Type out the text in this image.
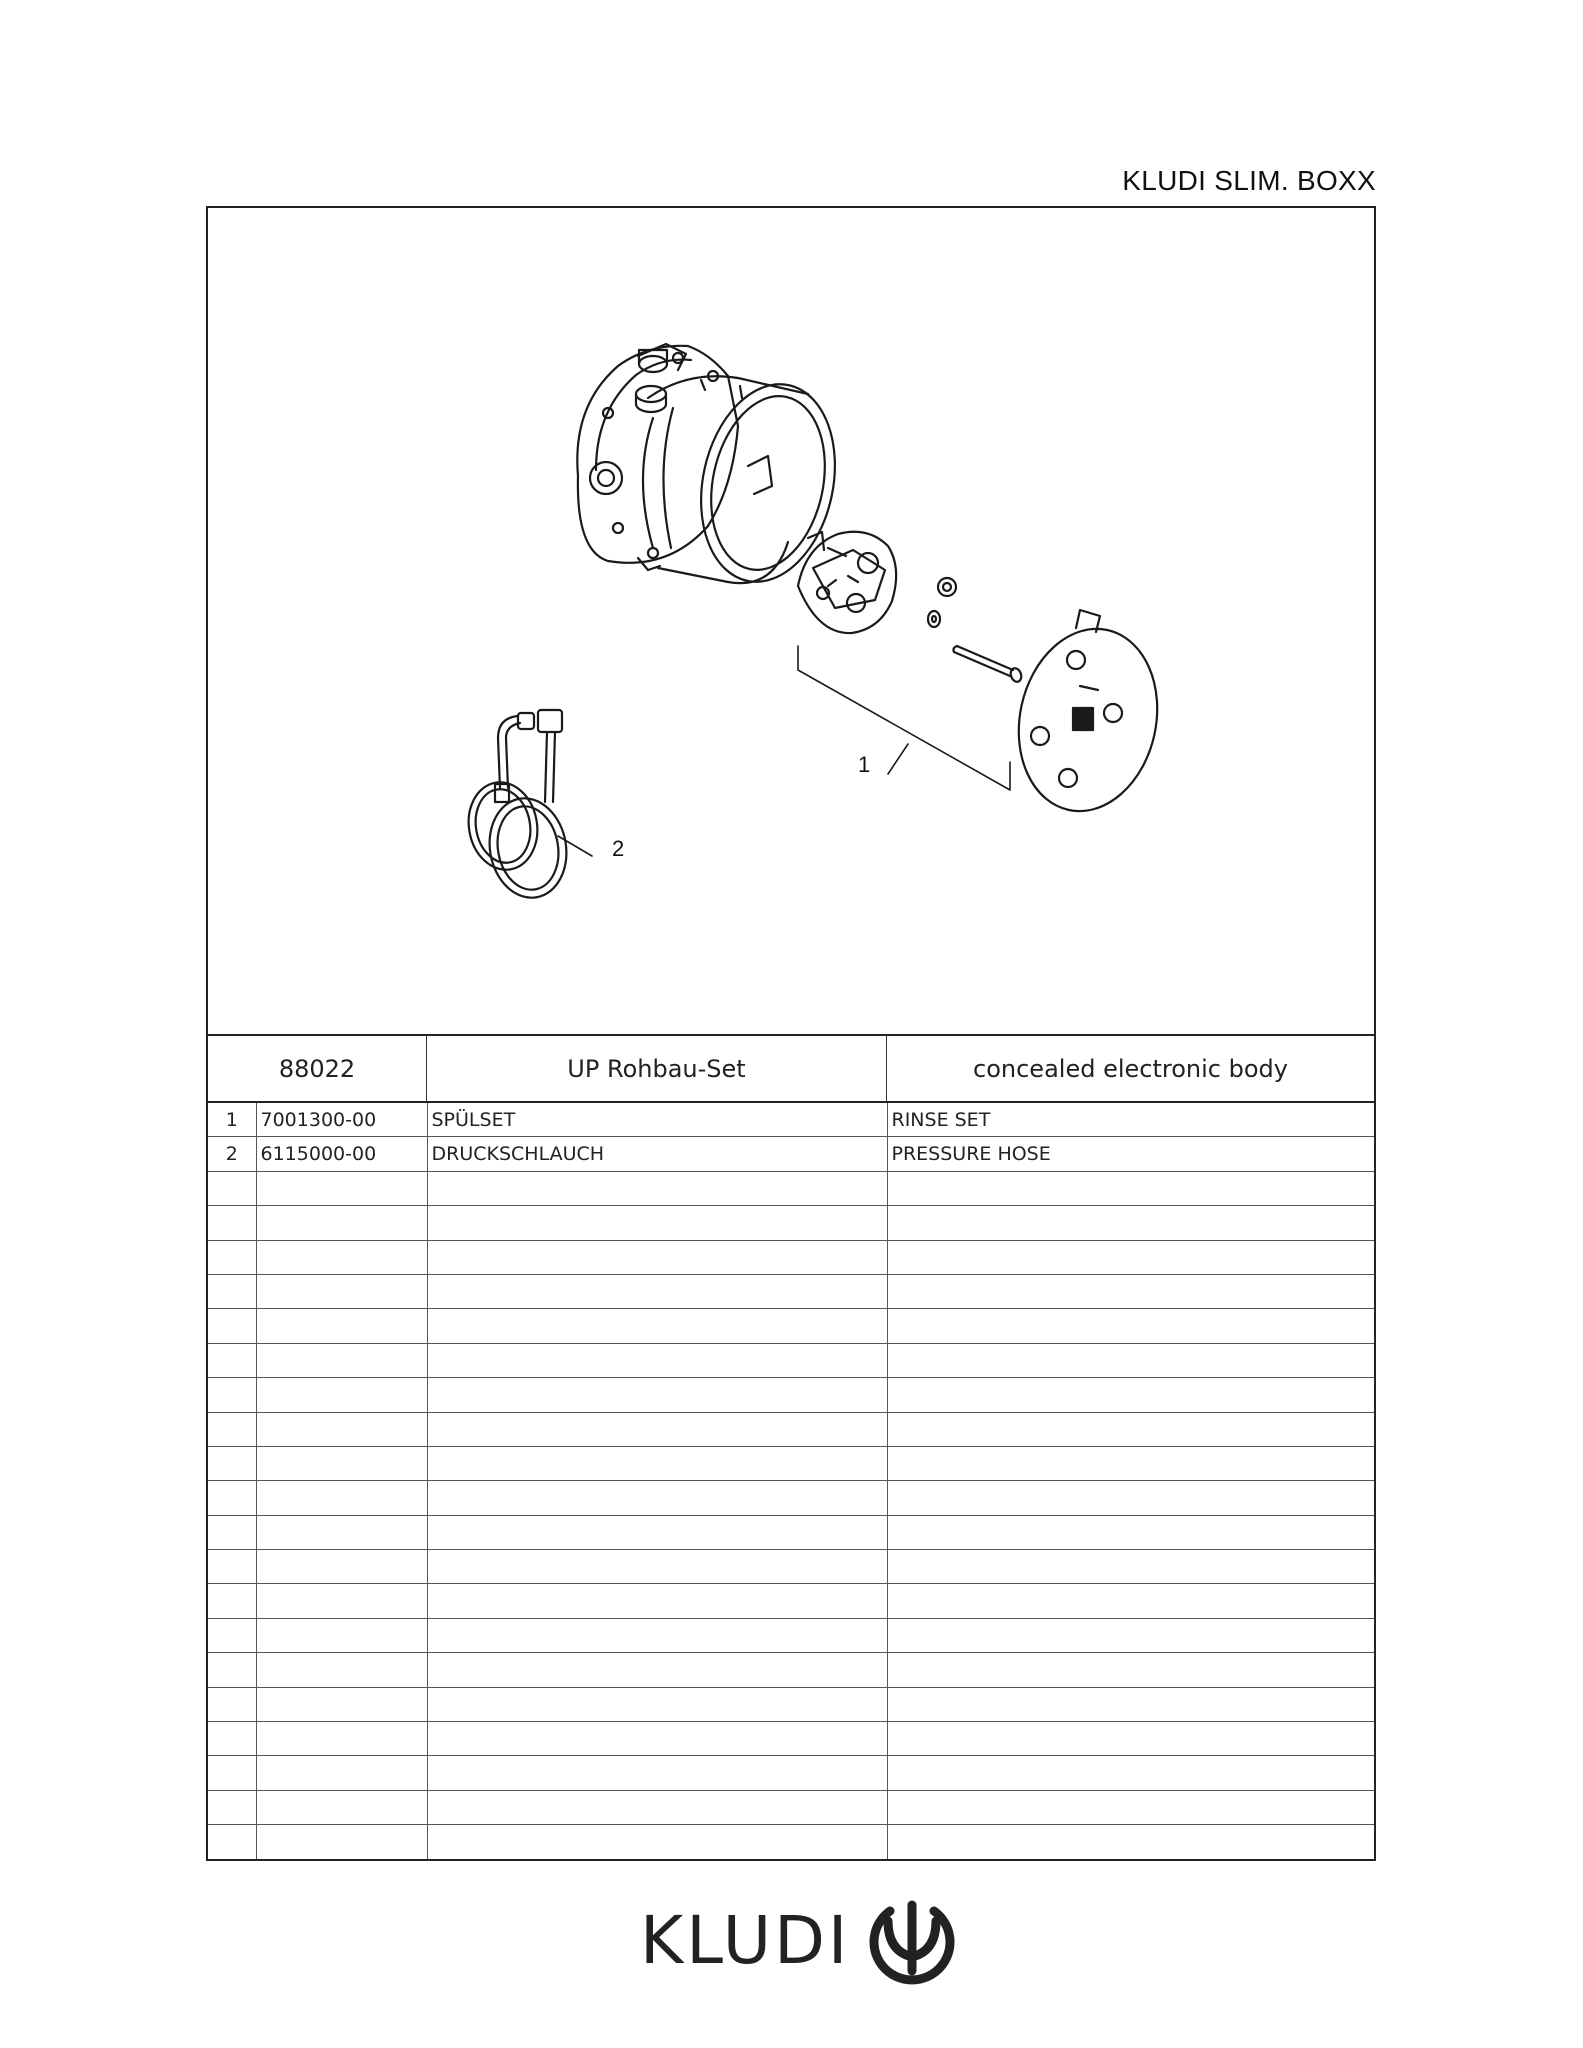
KLUDI SLIM. BOXX
1
2
88022	UP Rohbau-Set	concealed electronic body
1	7001300-00	SPÜLSET	RINSE SET
2	6115000-00	DRUCKSCHLAUCH	PRESSURE HOSE

KLUDI
